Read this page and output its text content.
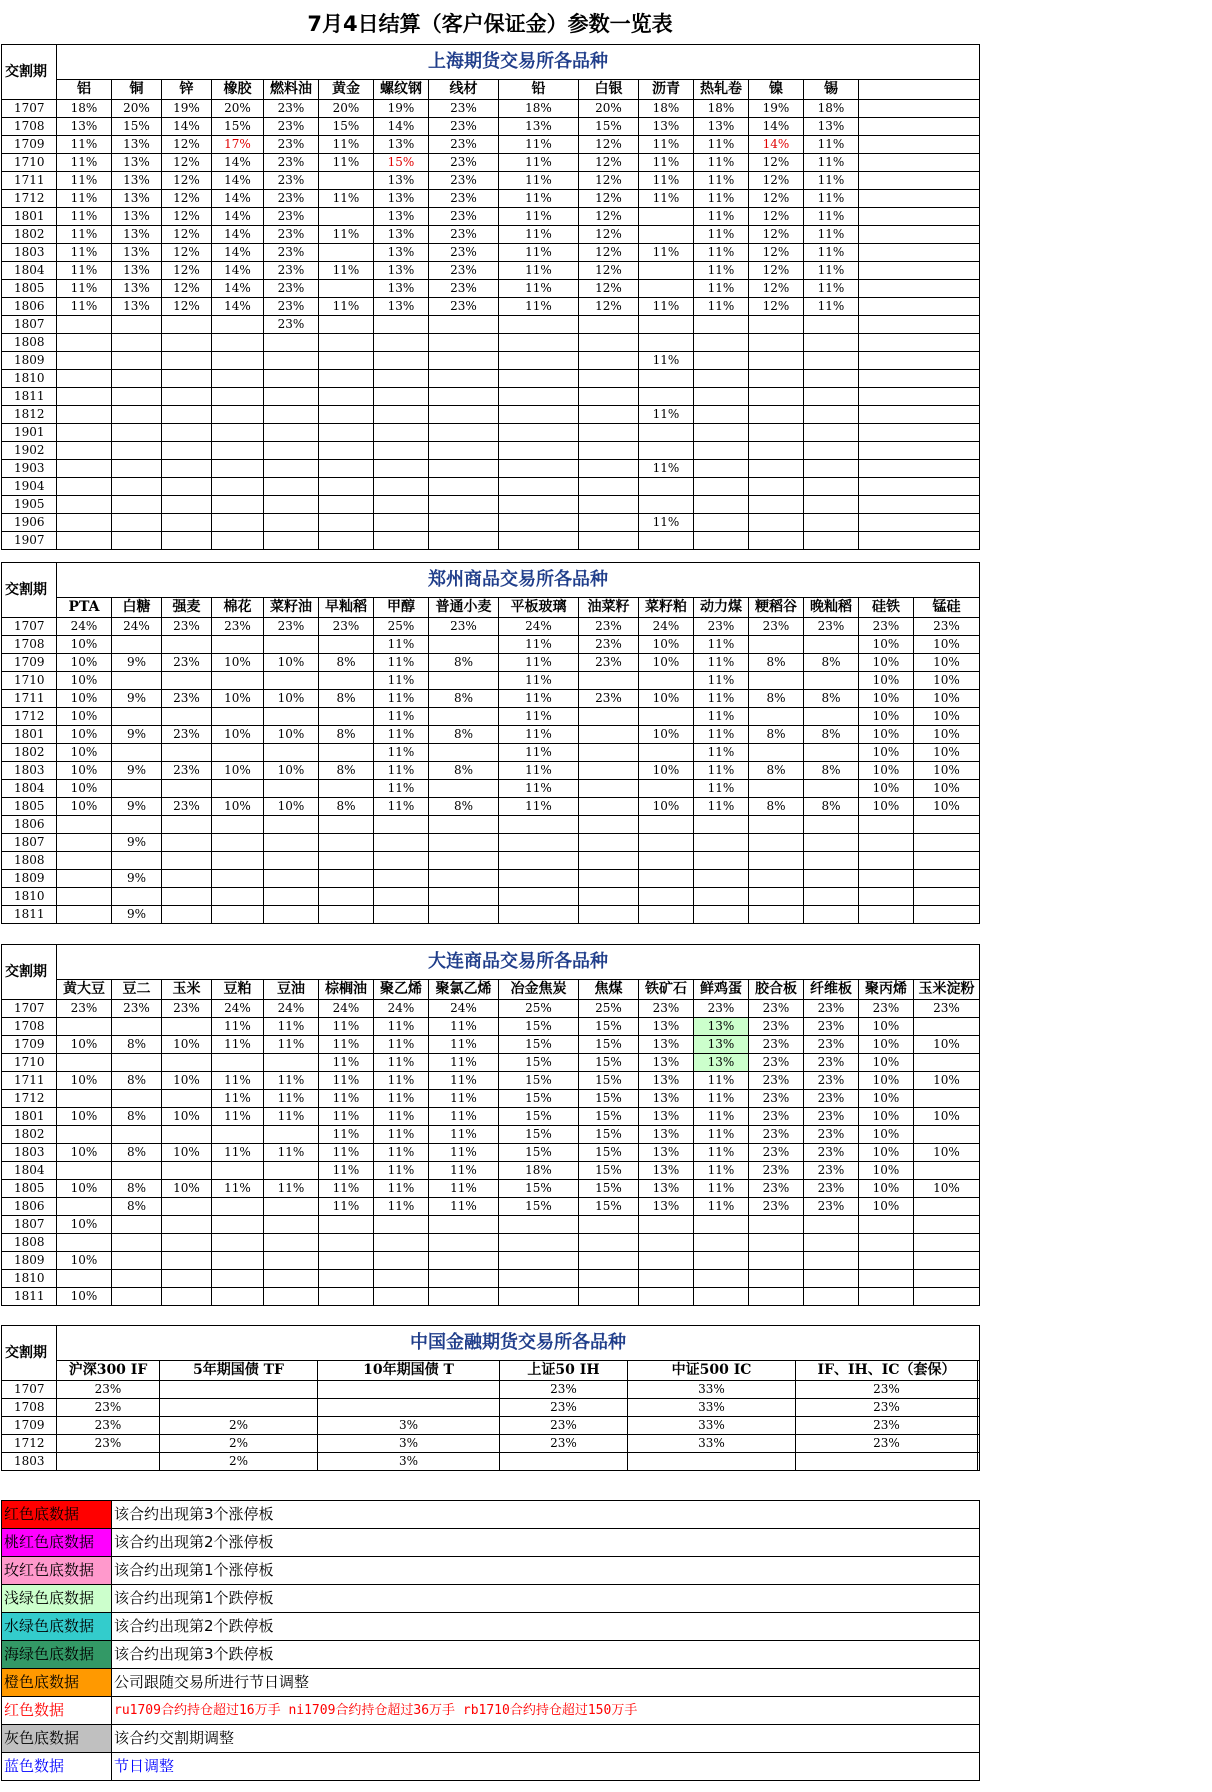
7月4日结算（客户保证金）参数一览表
交割期	上海期货交易所各品种														
	铝	铜	锌	橡胶	燃料油	黄金	螺纹钢	线材	铅	白银	沥青	热轧卷	镍	锡	
1707	18%	20%	19%	20%	23%	20%	19%	23%	18%	20%	18%	18%	19%	18%	
1708	13%	15%	14%	15%	23%	15%	14%	23%	13%	15%	13%	13%	14%	13%	
1709	11%	13%	12%	17%	23%	11%	13%	23%	11%	12%	11%	11%	14%	11%	
1710	11%	13%	12%	14%	23%	11%	15%	23%	11%	12%	11%	11%	12%	11%	
1711	11%	13%	12%	14%	23%		13%	23%	11%	12%	11%	11%	12%	11%	
1712	11%	13%	12%	14%	23%	11%	13%	23%	11%	12%	11%	11%	12%	11%	
1801	11%	13%	12%	14%	23%		13%	23%	11%	12%		11%	12%	11%	
1802	11%	13%	12%	14%	23%	11%	13%	23%	11%	12%		11%	12%	11%	
1803	11%	13%	12%	14%	23%		13%	23%	11%	12%	11%	11%	12%	11%	
1804	11%	13%	12%	14%	23%	11%	13%	23%	11%	12%		11%	12%	11%	
1805	11%	13%	12%	14%	23%		13%	23%	11%	12%		11%	12%	11%	
1806	11%	13%	12%	14%	23%	11%	13%	23%	11%	12%	11%	11%	12%	11%	
1807					23%										
1808															
1809											11%				
1810															
1811															
1812											11%				
1901															
1902															
1903											11%				
1904															
1905															
1906											11%				
1907															
交割期	郑州商品交易所各品种															
	PTA	白糖	强麦	棉花	菜籽油	早籼稻	甲醇	普通小麦	平板玻璃	油菜籽	菜籽粕	动力煤	粳稻谷	晚籼稻	硅铁	锰硅
1707	24%	24%	23%	23%	23%	23%	25%	23%	24%	23%	24%	23%	23%	23%	23%	23%
1708	10%						11%		11%	23%	10%	11%			10%	10%
1709	10%	9%	23%	10%	10%	8%	11%	8%	11%	23%	10%	11%	8%	8%	10%	10%
1710	10%						11%		11%			11%			10%	10%
1711	10%	9%	23%	10%	10%	8%	11%	8%	11%	23%	10%	11%	8%	8%	10%	10%
1712	10%						11%		11%			11%			10%	10%
1801	10%	9%	23%	10%	10%	8%	11%	8%	11%		10%	11%	8%	8%	10%	10%
1802	10%						11%		11%			11%			10%	10%
1803	10%	9%	23%	10%	10%	8%	11%	8%	11%		10%	11%	8%	8%	10%	10%
1804	10%						11%		11%			11%			10%	10%
1805	10%	9%	23%	10%	10%	8%	11%	8%	11%		10%	11%	8%	8%	10%	10%
1806																
1807		9%														
1808																
1809		9%														
1810																
1811		9%														
交割期	大连商品交易所各品种															
	黄大豆	豆二	玉米	豆粕	豆油	棕榈油	聚乙烯	聚氯乙烯	冶金焦炭	焦煤	铁矿石	鲜鸡蛋	胶合板	纤维板	聚丙烯	玉米淀粉
1707	23%	23%	23%	24%	24%	24%	24%	24%	25%	25%	23%	23%	23%	23%	23%	23%
1708				11%	11%	11%	11%	11%	15%	15%	13%	13%	23%	23%	10%	
1709	10%	8%	10%	11%	11%	11%	11%	11%	15%	15%	13%	13%	23%	23%	10%	10%
1710						11%	11%	11%	15%	15%	13%	13%	23%	23%	10%	
1711	10%	8%	10%	11%	11%	11%	11%	11%	15%	15%	13%	11%	23%	23%	10%	10%
1712				11%	11%	11%	11%	11%	15%	15%	13%	11%	23%	23%	10%	
1801	10%	8%	10%	11%	11%	11%	11%	11%	15%	15%	13%	11%	23%	23%	10%	10%
1802						11%	11%	11%	15%	15%	13%	11%	23%	23%	10%	
1803	10%	8%	10%	11%	11%	11%	11%	11%	15%	15%	13%	11%	23%	23%	10%	10%
1804						11%	11%	11%	18%	15%	13%	11%	23%	23%	10%	
1805	10%	8%	10%	11%	11%	11%	11%	11%	15%	15%	13%	11%	23%	23%	10%	10%
1806		8%				11%	11%	11%	15%	15%	13%	11%	23%	23%	10%	
1807	10%															
1808																
1809	10%															
1810																
1811	10%															
交割期	中国金融期货交易所各品种						
	沪深300 IF	5年期国债 TF	10年期国债 T	上证50 IH	中证500 IC	IF、IH、IC（套保）	
1707	23%			23%	33%	23%	
1708	23%			23%	33%	23%	
1709	23%	2%	3%	23%	33%	23%	
1712	23%	2%	3%	23%	33%	23%	
1803		2%	3%				
红色底数据	该合约出现第3个涨停板
桃红色底数据	该合约出现第2个涨停板
玫红色底数据	该合约出现第1个涨停板
浅绿色底数据	该合约出现第1个跌停板
水绿色底数据	该合约出现第2个跌停板
海绿色底数据	该合约出现第3个跌停板
橙色底数据	公司跟随交易所进行节日调整
红色数据	ru1709合约持仓超过16万手 ni1709合约持仓超过36万手 rb1710合约持仓超过150万手
灰色底数据	该合约交割期调整
蓝色数据	节日调整
